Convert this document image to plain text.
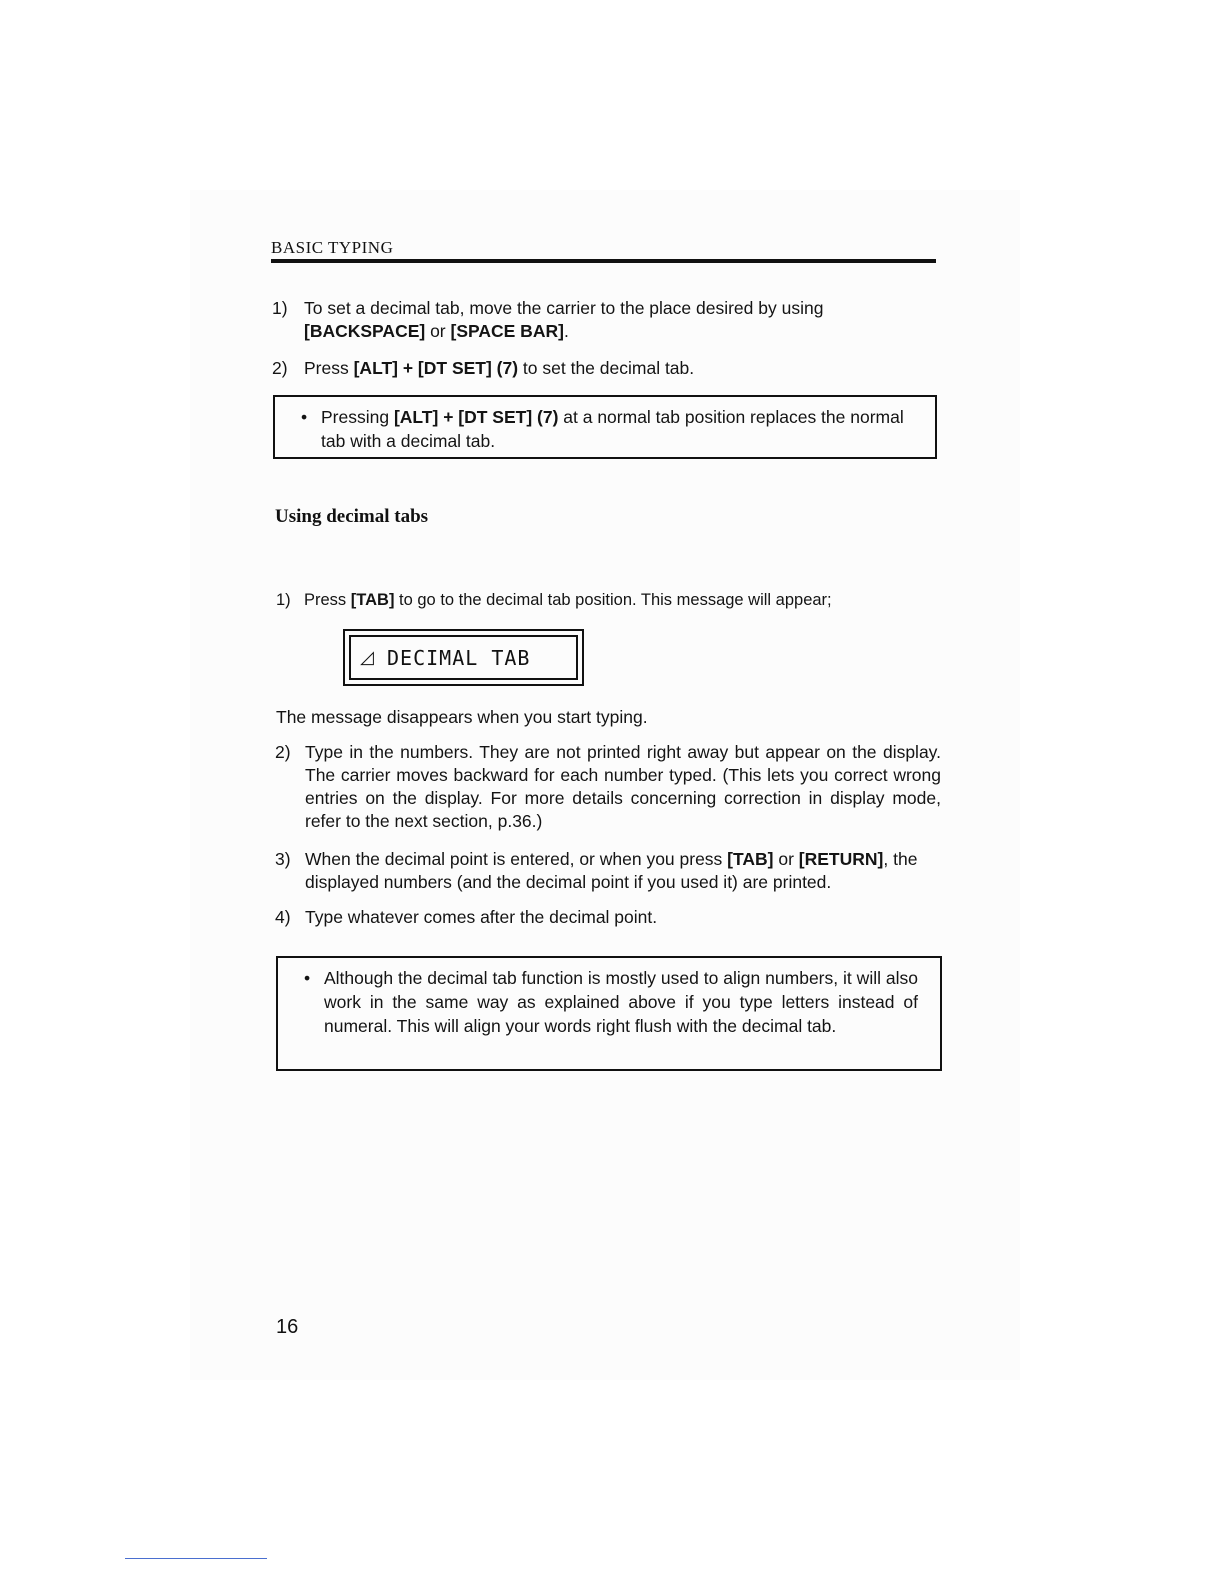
BASIC TYPING
1) To set a decimal tab, move the carrier to the place desired by using [BACKSPACE] or [SPACE BAR].
2) Press [ALT] + [DT SET] (7) to set the decimal tab.
• Pressing [ALT] + [DT SET] (7) at a normal tab position replaces the normal tab with a decimal tab.
Using decimal tabs
1) Press [TAB] to go to the decimal tab position. This message will appear;
◿ DECIMAL TAB
The message disappears when you start typing.
2) Type in the numbers. They are not printed right away but appear on the display. The carrier moves backward for each number typed. (This lets you correct wrong entries on the display. For more details concerning correction in display mode, refer to the next section, p.36.)
3) When the decimal point is entered, or when you press [TAB] or [RETURN], the displayed numbers (and the decimal point if you used it) are printed.
4) Type whatever comes after the decimal point.
• Although the decimal tab function is mostly used to align numbers, it will also work in the same way as explained above if you type letters instead of numeral. This will align your words right flush with the decimal tab.
16
